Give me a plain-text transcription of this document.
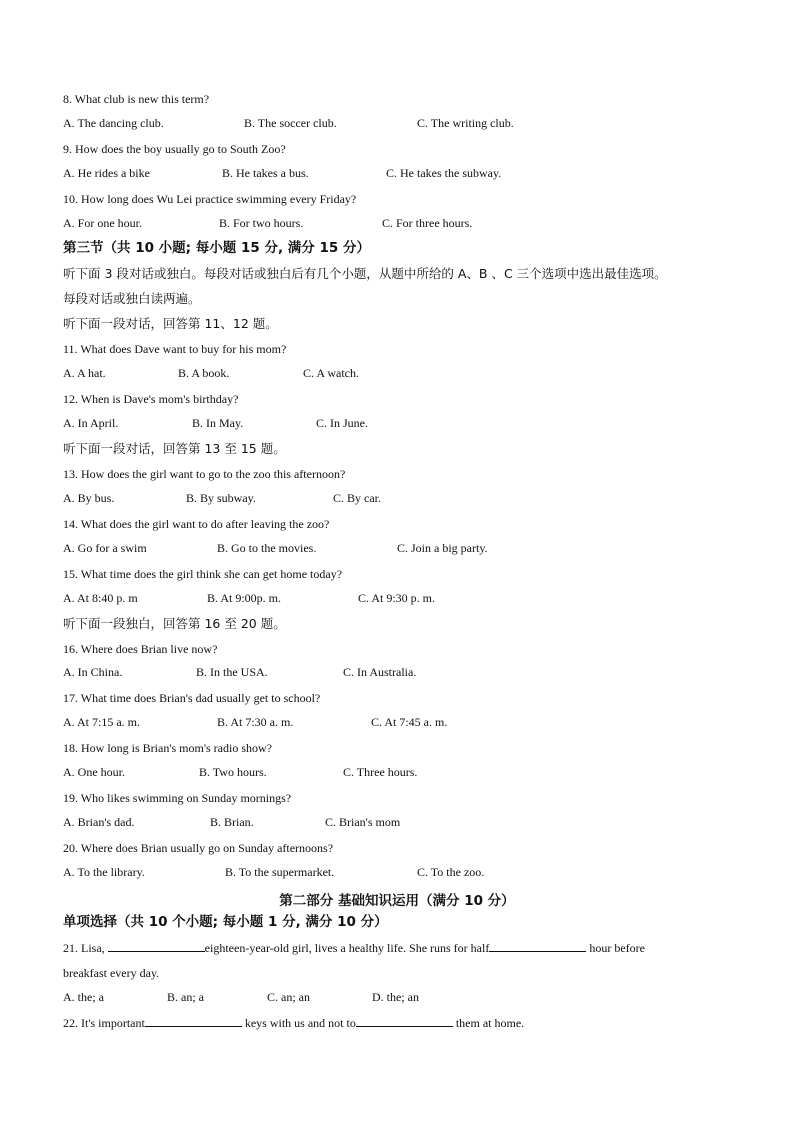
8. What club is new this term?
A. The dancing club.	B. The soccer club.	C. The writing club.
9. How does the boy usually go to South Zoo?
A. He rides a bike	B. He takes a bus.	C. He takes the subway.
10. How long does Wu Lei practice swimming every Friday?
A. For one hour.	B. For two hours.	C. For three hours.
第三节（共 10 小题; 每小题 15 分, 满分 15 分）
听下面 3 段对话或独白。每段对话或独白后有几个小题，从题中所给的 A、B 、C 三个选项中选出最佳选项。
每段对话或独白读两遍。
听下面一段对话，回答第 11、12 题。
11. What does Dave want to buy for his mom?
A. A hat.	B. A book.	C. A watch.
12. When is Dave's mom's birthday?
A. In April.	B. In May.	C. In June.
听下面一段对话，回答第 13 至 15 题。
13. How does the girl want to go to the zoo this afternoon?
A. By bus.	B. By subway.	C. By car.
14. What does the girl want to do after leaving the zoo?
A. Go for a swim	B. Go to the movies.	C. Join a big party.
15. What time does the girl think she can get home today?
A. At 8:40 p. m	B. At 9:00p. m.	C. At 9:30 p. m.
听下面一段独白，回答第 16 至 20 题。
16. Where does Brian live now?
A. In China.	B. In the USA.	C. In Australia.
17. What time does Brian's dad usually get to school?
A. At 7:15 a. m.	B. At 7:30 a. m.	C. At 7:45 a. m.
18. How long is Brian's mom's radio show?
A. One hour.	B. Two hours.	C. Three hours.
19. Who likes swimming on Sunday mornings?
A. Brian's dad.	B. Brian.	C. Brian's mom
20. Where does Brian usually go on Sunday afternoons?
A. To the library.	B. To the supermarket.	C. To the zoo.
第二部分 基础知识运用（满分 10 分）
单项选择（共 10 个小题; 每小题 1 分, 满分 10 分）
21. Lisa,	eighteen-year-old girl, lives a healthy life. She runs for half	hour before
breakfast every day.
A. the; a	B. an; a	C. an; an	D. the; an
22. It's important	keys with us and not to	them at home.
